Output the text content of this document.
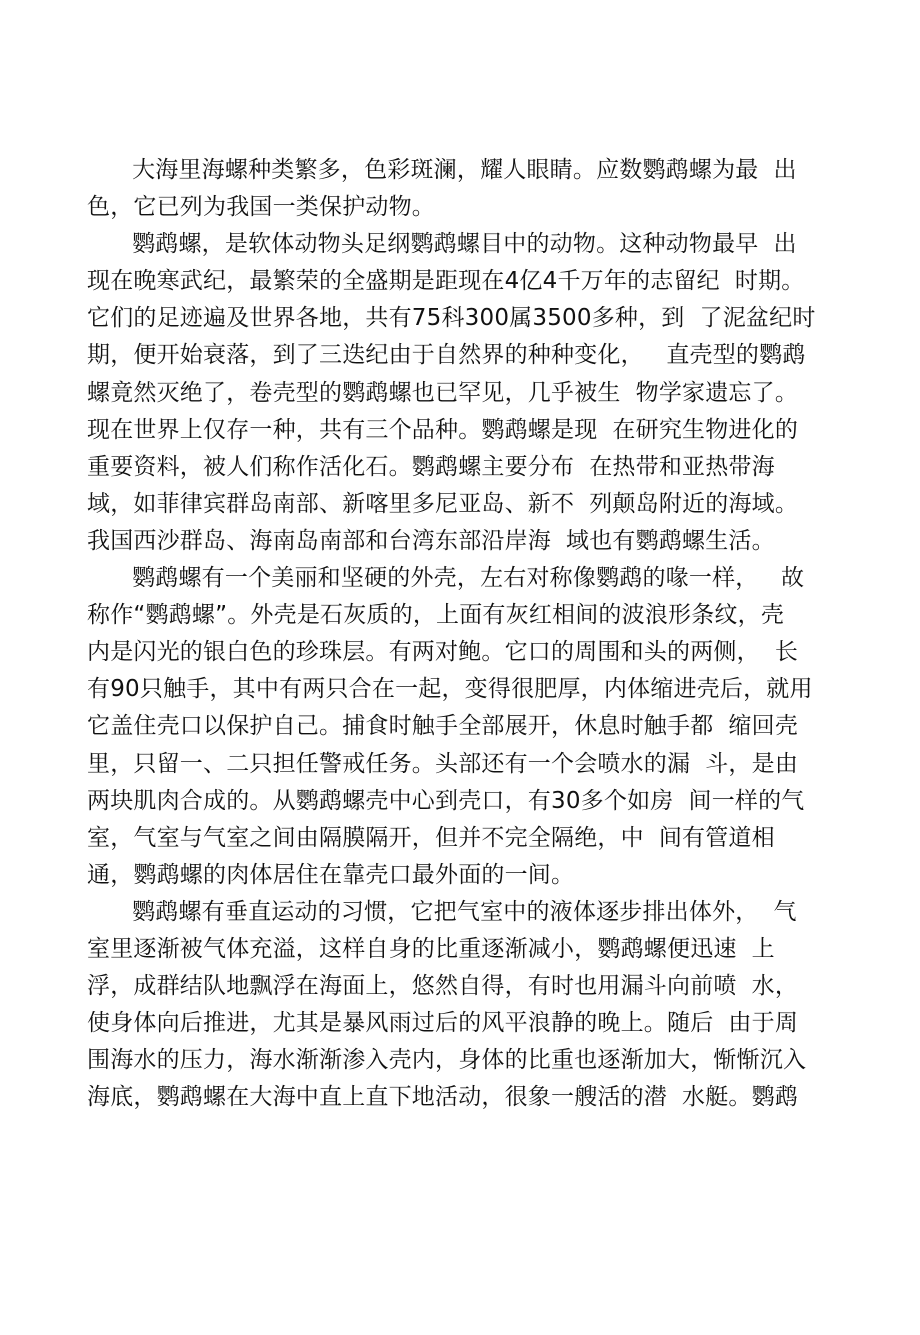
大海里海螺种类繁多，色彩斑澜，耀人眼睛。应数鹦鹉螺为最  出
色，它已列为我国一类保护动物。
鹦鹉螺，是软体动物头足纲鹦鹉螺目中的动物。这种动物最早  出
现在晚寒武纪，最繁荣的全盛期是距现在4亿4千万年的志留纪  时期。
它们的足迹遍及世界各地，共有75科300属3500多种，到  了泥盆纪时
期，便开始衰落，到了三迭纪由于自然界的种种变化，   直壳型的鹦鹉
螺竟然灭绝了，卷壳型的鹦鹉螺也已罕见，几乎被生  物学家遗忘了。
现在世界上仅存一种，共有三个品种。鹦鹉螺是现  在研究生物进化的
重要资料，被人们称作活化石。鹦鹉螺主要分布  在热带和亚热带海
域，如菲律宾群岛南部、新喀里多尼亚岛、新不  列颠岛附近的海域。
我国西沙群岛、海南岛南部和台湾东部沿岸海  域也有鹦鹉螺生活。
鹦鹉螺有一个美丽和坚硬的外壳，左右对称像鹦鹉的喙一样，   故
称作“鹦鹉螺”。外壳是石灰质的，上面有灰红相间的波浪形条纹，壳
内是闪光的银白色的珍珠层。有两对鲍。它口的周围和头的两侧，  长
有90只触手，其中有两只合在一起，变得很肥厚，内体缩进壳后，就用
它盖住壳口以保护自己。捕食时触手全部展开，休息时触手都  缩回壳
里，只留一、二只担任警戒任务。头部还有一个会喷水的漏  斗，是由
两块肌肉合成的。从鹦鹉螺壳中心到壳口，有30多个如房  间一样的气
室，气室与气室之间由隔膜隔开，但并不完全隔绝，中  间有管道相
通，鹦鹉螺的肉体居住在靠壳口最外面的一间。
鹦鹉螺有垂直运动的习惯，它把气室中的液体逐步排出体外，  气
室里逐渐被气体充溢，这样自身的比重逐渐减小，鹦鹉螺便迅速  上
浮，成群结队地飘浮在海面上，悠然自得，有时也用漏斗向前喷  水，
使身体向后推进，尤其是暴风雨过后的风平浪静的晚上。随后  由于周
围海水的压力，海水渐渐渗入壳内，身体的比重也逐渐加大，惭惭沉入
海底，鹦鹉螺在大海中直上直下地活动，很象一艘活的潜  水艇。鹦鹉
